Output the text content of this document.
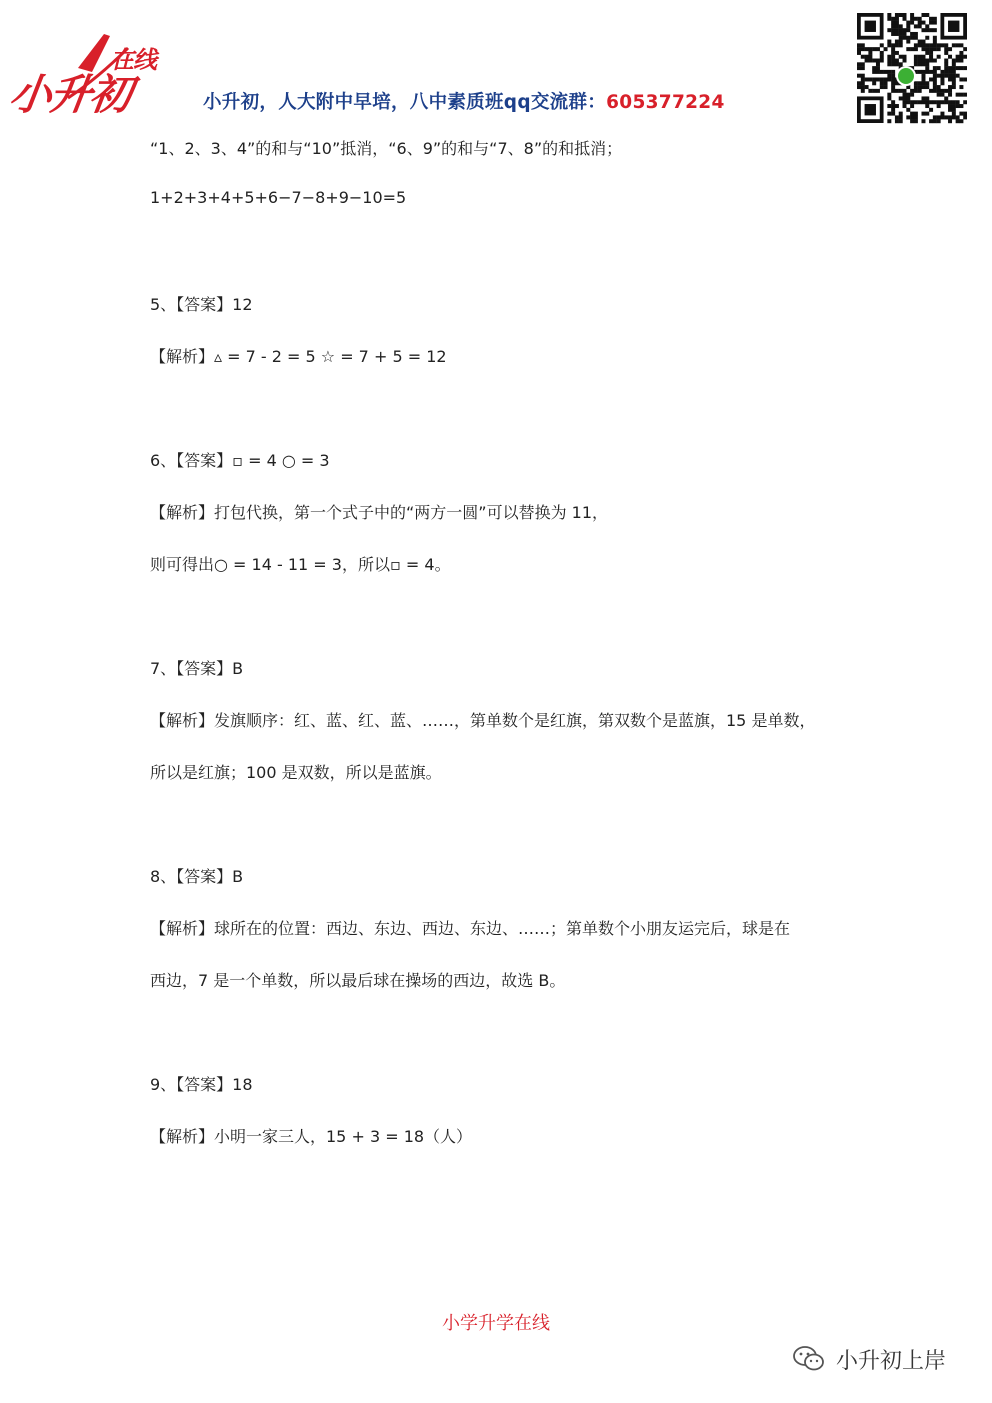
小升初
在线
小升初，人大附中早培，八中素质班qq交流群：605377224
“1、2、3、4”的和与“10”抵消，“6、9”的和与“7、8”的和抵消；
1+2+3+4+5+6−7−8+9−10=5
5、【答案】12
【解析】▵ = 7 - 2 = 5 ☆ = 7 + 5 = 12
6、【答案】▫ = 4 ○ = 3
【解析】打包代换，第一个式子中的“两方一圆”可以替换为 11，
则可得出○ = 14 - 11 = 3，所以▫ = 4。
7、【答案】B
【解析】发旗顺序：红、蓝、红、蓝、……，第单数个是红旗，第双数个是蓝旗，15 是单数，
所以是红旗；100 是双数，所以是蓝旗。
8、【答案】B
【解析】球所在的位置：西边、东边、西边、东边、……；第单数个小朋友运完后，球是在
西边，7 是一个单数，所以最后球在操场的西边，故选 B。
9、【答案】18
【解析】小明一家三人，15 + 3 = 18（人）
小学升学在线
小升初上岸
